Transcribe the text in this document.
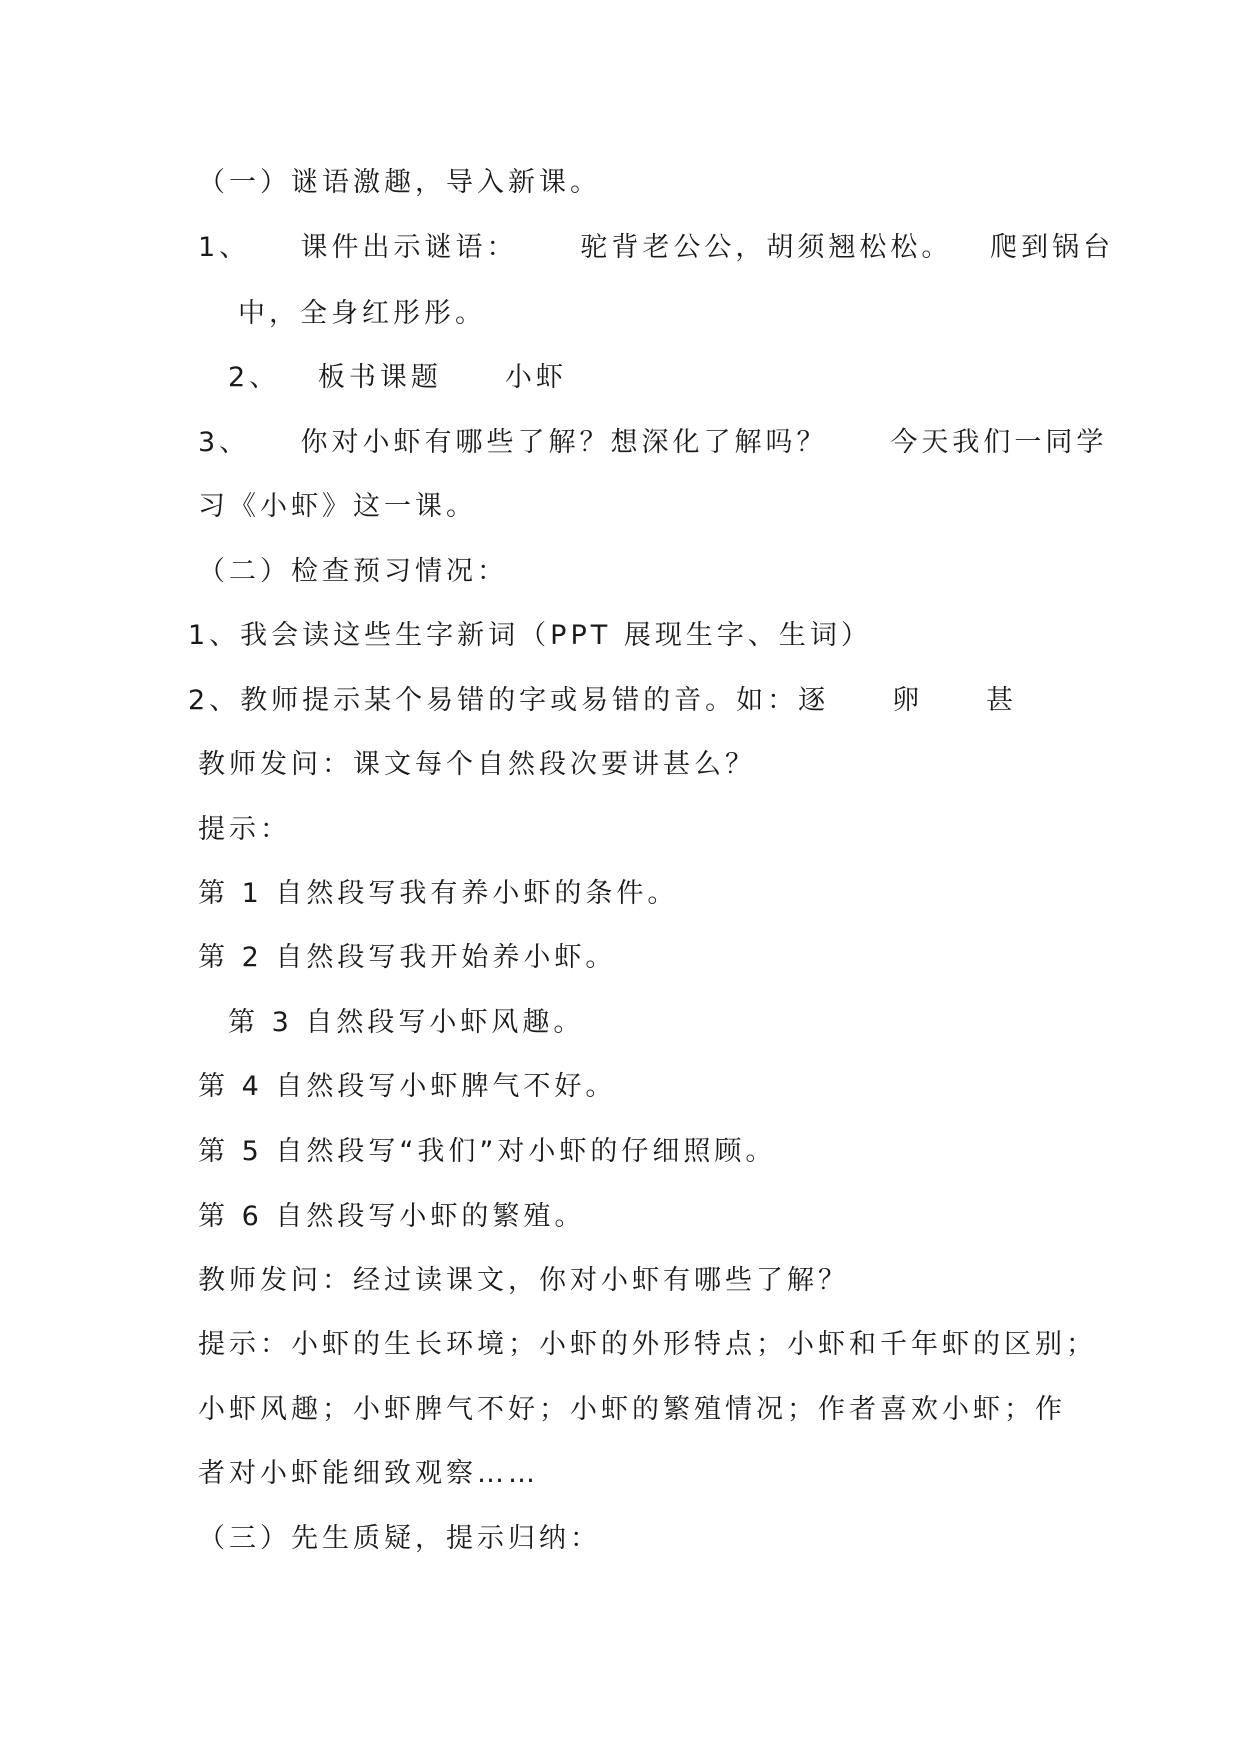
（一）谜语激趣，导入新课。
1、    课件出示谜语：     驼背老公公，胡须翘松松。   爬到锅台
中，全身红彤彤。
2、   板书课题     小虾
3、    你对小虾有哪些了解？想深化了解吗？     今天我们一同学
习《小虾》这一课。
（二）检查预习情况：
1、我会读这些生字新词（PPT 展现生字、生词）
2、教师提示某个易错的字或易错的音。如：逐     卵     甚
教师发问：课文每个自然段次要讲甚么？
提示：
第 1 自然段写我有养小虾的条件。
第 2 自然段写我开始养小虾。
第 3 自然段写小虾风趣。
第 4 自然段写小虾脾气不好。
第 5 自然段写“我们”对小虾的仔细照顾。
第 6 自然段写小虾的繁殖。
教师发问：经过读课文，你对小虾有哪些了解？
提示：小虾的生长环境；小虾的外形特点；小虾和千年虾的区别；
小虾风趣；小虾脾气不好；小虾的繁殖情况；作者喜欢小虾；作
者对小虾能细致观察……
（三）先生质疑，提示归纳：
